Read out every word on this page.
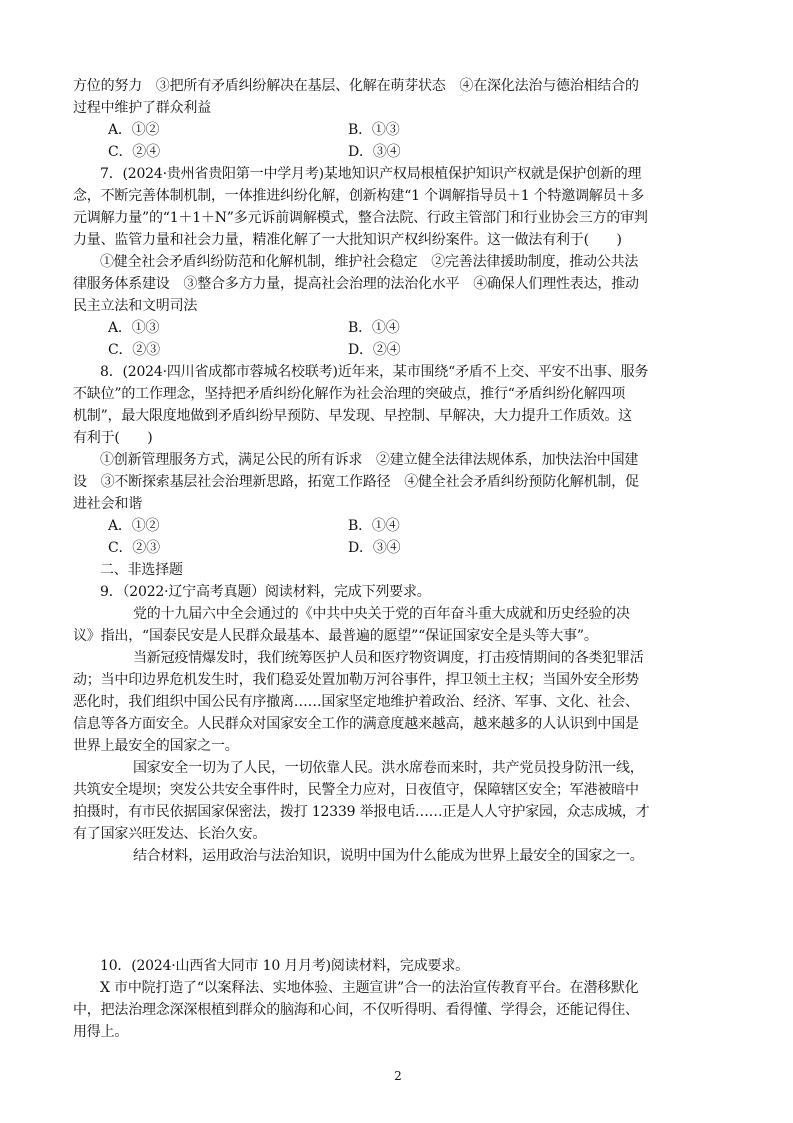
方位的努力　③把所有矛盾纠纷解决在基层、化解在萌芽状态　④在深化法治与德治相结合的
过程中维护了群众利益
A．①②	B．①③
C．②④	D．③④
7．(2024·贵州省贵阳第一中学月考)某地知识产权局根植保护知识产权就是保护创新的理
念，不断完善体制机制，一体推进纠纷化解，创新构建“1 个调解指导员＋1 个特邀调解员＋多
元调解力量”的“1＋1＋N”多元诉前调解模式，整合法院、行政主管部门和行业协会三方的审判
力量、监管力量和社会力量，精准化解了一大批知识产权纠纷案件。这一做法有利于(　　)
①健全社会矛盾纠纷防范和化解机制，维护社会稳定　②完善法律援助制度，推动公共法
律服务体系建设　③整合多方力量，提高社会治理的法治化水平　④确保人们理性表达，推动
民主立法和文明司法
A．①③	B．①④
C．②③	D．②④
8．(2024·四川省成都市蓉城名校联考)近年来，某市围绕“矛盾不上交、平安不出事、服务
不缺位”的工作理念，坚持把矛盾纠纷化解作为社会治理的突破点，推行“矛盾纠纷化解四项
机制”，最大限度地做到矛盾纠纷早预防、早发现、早控制、早解决，大力提升工作质效。这
有利于(　　)
①创新管理服务方式，满足公民的所有诉求　②建立健全法律法规体系，加快法治中国建
设　③不断探索基层社会治理新思路，拓宽工作路径　④健全社会矛盾纠纷预防化解机制，促
进社会和谐
A．①②	B．①④
C．②③	D．③④
二、非选择题
9．（2022·辽宁高考真题）阅读材料，完成下列要求。
党的十九届六中全会通过的《中共中央关于党的百年奋斗重大成就和历史经验的决
议》指出，“国泰民安是人民群众最基本、最普遍的愿望”“保证国家安全是头等大事”。
当新冠疫情爆发时，我们统筹医护人员和医疗物资调度，打击疫情期间的各类犯罪活
动；当中印边界危机发生时，我们稳妥处置加勒万河谷事件，捍卫领土主权；当国外安全形势
恶化时，我们组织中国公民有序撤离……国家坚定地维护着政治、经济、军事、文化、社会、
信息等各方面安全。人民群众对国家安全工作的满意度越来越高，越来越多的人认识到中国是
世界上最安全的国家之一。
国家安全一切为了人民，一切依靠人民。洪水席卷而来时，共产党员投身防汛一线，
共筑安全堤坝；突发公共安全事件时，民警全力应对，日夜值守，保障辖区安全；军港被暗中
拍摄时，有市民依据国家保密法，拨打 12339 举报电话……正是人人守护家园，众志成城，才
有了国家兴旺发达、长治久安。
结合材料，运用政治与法治知识，说明中国为什么能成为世界上最安全的国家之一。
10．(2024·山西省大同市 10 月月考)阅读材料，完成要求。
X 市中院打造了“以案释法、实地体验、主题宣讲”合一的法治宣传教育平台。在潜移默化
中，把法治理念深深根植到群众的脑海和心间，不仅听得明、看得懂、学得会，还能记得住、
用得上。
2
